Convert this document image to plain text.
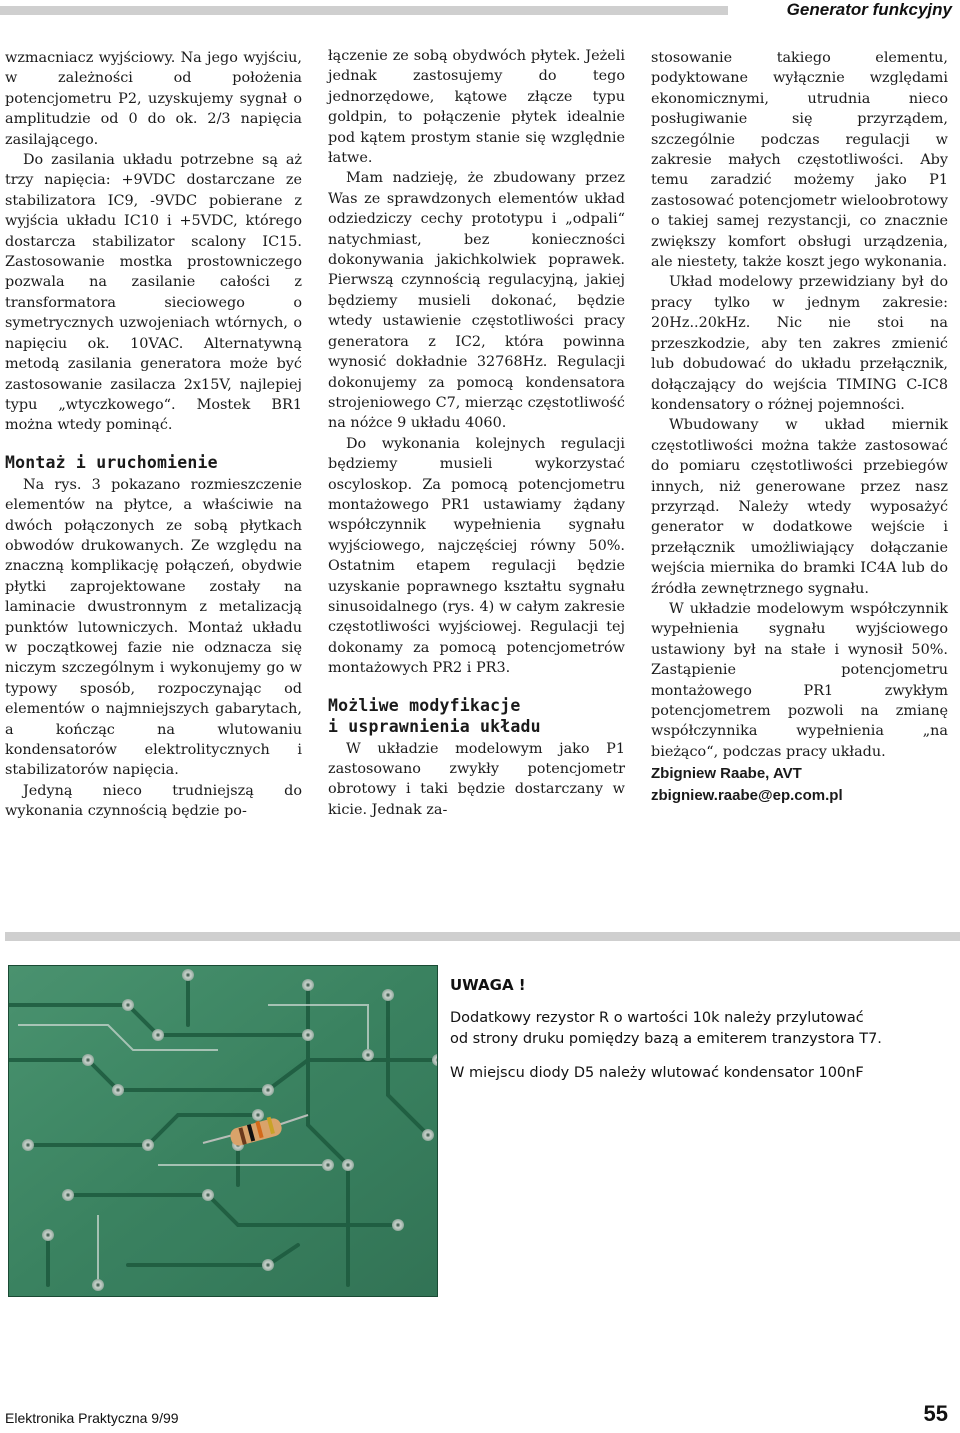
Generator funkcyjny

wzmacniacz wyjściowy. Na jego wyjściu, w zależności od położenia potencjometru P2, uzyskujemy sygnał o amplitudzie od 0 do ok. 2/3 napięcia zasilającego.

Do zasilania układu potrzebne są aż trzy napięcia: +9VDC dostarczane ze stabilizatora IC9, -9VDC pobierane z wyjścia układu IC10 i +5VDC, którego dostarcza stabilizator scalony IC15. Zastosowanie mostka prostowniczego pozwala na zasilanie całości z transformatora sieciowego o symetrycznych uzwojeniach wtórnych, o napięciu ok. 10VAC. Alternatywną metodą zasilania generatora może być zastosowanie zasilacza 2x15V, najlepiej typu „wtyczkowego“. Mostek BR1 można wtedy pominąć.

Montaż i uruchomienie

Na rys. 3 pokazano rozmieszczenie elementów na płytce, a właściwie na dwóch połączonych ze sobą płytkach obwodów drukowanych. Ze względu na znaczną komplikację połączeń, obydwie płytki zaprojektowane zostały na laminacie dwustronnym z metalizacją punktów lutowniczych. Montaż układu w początkowej fazie nie odznacza się niczym szczególnym i wykonujemy go w typowy sposób, rozpoczynając od elementów o najmniejszych gabarytach, a kończąc na wlutowaniu kondensatorów elektrolitycznych i stabilizatorów napięcia.

Jedyną nieco trudniejszą do wykonania czynnością będzie po-

łączenie ze sobą obydwóch płytek. Jeżeli jednak zastosujemy do tego jednorzędowe, kątowe złącze typu goldpin, to połączenie płytek idealnie pod kątem prostym stanie się względnie łatwe.

Mam nadzieję, że zbudowany przez Was ze sprawdzonych elementów układ odziedziczy cechy prototypu i „odpali“ natychmiast, bez konieczności dokonywania jakichkolwiek poprawek. Pierwszą czynnością regulacyjną, jakiej będziemy musieli dokonać, będzie wtedy ustawienie częstotliwości pracy generatora z IC2, która powinna wynosić dokładnie 32768Hz. Regulacji dokonujemy za pomocą kondensatora strojeniowego C7, mierząc częstotliwość na nóżce 9 układu 4060.

Do wykonania kolejnych regulacji będziemy musieli wykorzystać oscyloskop. Za pomocą potencjometru montażowego PR1 ustawiamy żądany współczynnik wypełnienia sygnału wyjściowego, najczęściej równy 50%. Ostatnim etapem regulacji będzie uzyskanie poprawnego kształtu sygnału sinusoidalnego (rys. 4) w całym zakresie częstotliwości wyjściowej. Regulacji tej dokonamy za pomocą potencjometrów montażowych PR2 i PR3.

Możliwe modyfikacje
i usprawnienia układu

W układzie modelowym jako P1 zastosowano zwykły potencjometr obrotowy i taki będzie dostarczany w kicie. Jednak za-

stosowanie takiego elementu, podyktowane wyłącznie względami ekonomicznymi, utrudnia nieco posługiwanie się przyrządem, szczególnie podczas regulacji w zakresie małych częstotliwości. Aby temu zaradzić możemy jako P1 zastosować potencjometr wieloobrotowy o takiej samej rezystancji, co znacznie zwiększy komfort obsługi urządzenia, ale niestety, także koszt jego wykonania.

Układ modelowy przewidziany był do pracy tylko w jednym zakresie: 20Hz..20kHz. Nic nie stoi na przeszkodzie, aby ten zakres zmienić lub dobudować do układu przełącznik, dołączający do wejścia TIMING C-IC8 kondensatory o różnej pojemności.

Wbudowany w układ miernik częstotliwości można także zastosować do pomiaru częstotliwości przebiegów innych, niż generowane przez nasz przyrząd. Należy wtedy wyposażyć generator w dodatkowe wejście i przełącznik umożliwiający dołączanie wejścia miernika do bramki IC4A lub do źródła zewnętrznego sygnału.

W układzie modelowym współczynnik wypełnienia sygnału wyjściowego ustawiony był na stałe i wynosił 50%. Zastąpienie potencjometru montażowego PR1 zwykłym potencjometrem pozwoli na zmianę współczynnika wypełnienia „na bieżąco“, podczas pracy układu.

Zbigniew Raabe, AVT

zbigniew.raabe@ep.com.pl

UWAGA !

Dodatkowy rezystor R o wartości 10k należy przylutować

od strony druku pomiędzy bazą a emiterem tranzystora T7.

W miejscu diody D5 należy wlutować kondensator 100nF

Elektronika Praktyczna 9/99	55
